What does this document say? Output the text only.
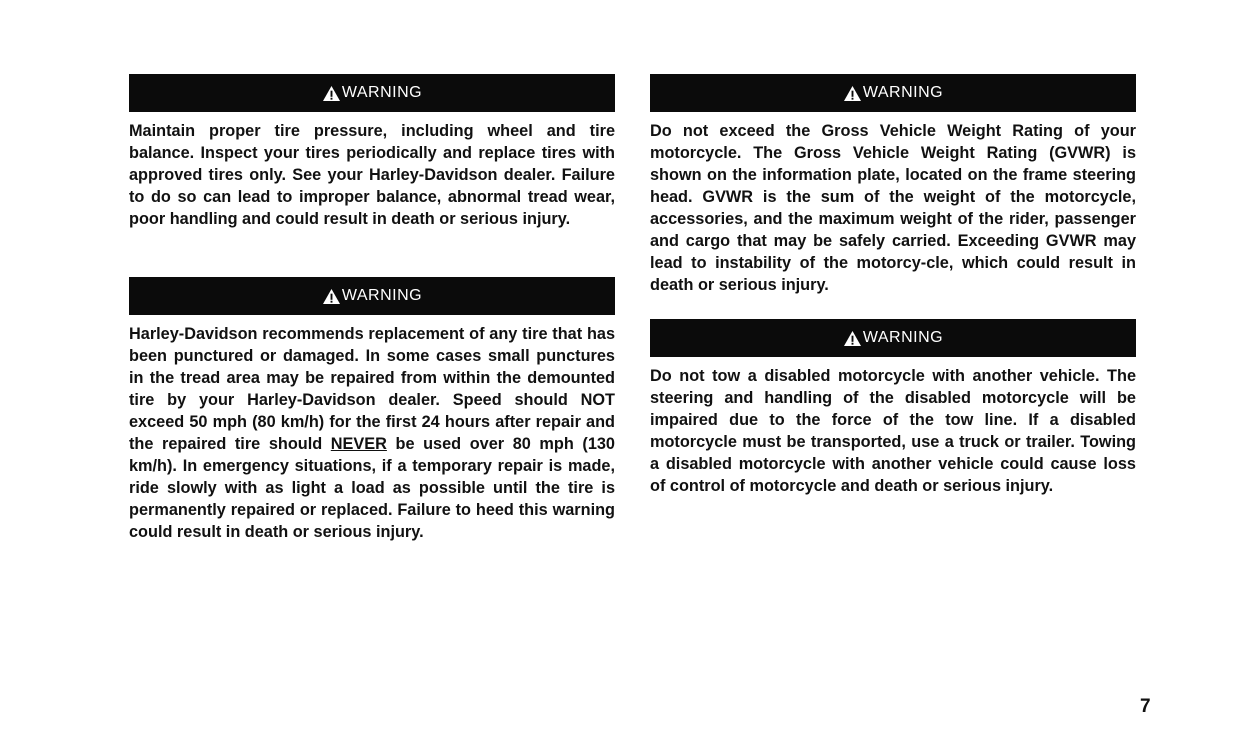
WARNING

Maintain proper tire pressure, including wheel and tire balance. Inspect your tires periodically and replace tires with approved tires only. See your Harley-Davidson dealer. Failure to do so can lead to improper balance, abnormal tread wear, poor handling and could result in death or serious injury.

WARNING

Harley-Davidson recommends replacement of any tire that has been punctured or damaged. In some cases small punctures in the tread area may be repaired from within the demounted tire by your Harley-Davidson dealer. Speed should NOT exceed 50 mph (80 km/h) for the first 24 hours after repair and the repaired tire should NEVER be used over 80 mph (130 km/h). In emergency situations, if a temporary repair is made, ride slowly with as light a load as possible until the tire is permanently repaired or replaced. Failure to heed this warning could result in death or serious injury.

WARNING

Do not exceed the Gross Vehicle Weight Rating of your motorcycle. The Gross Vehicle Weight Rating (GVWR) is shown on the information plate, located on the frame steering head. GVWR is the sum of the weight of the motorcycle, accessories, and the maximum weight of the rider, passenger and cargo that may be safely carried. Exceeding GVWR may lead to instability of the motorcy-cle, which could result in death or serious injury.

WARNING

Do not tow a disabled motorcycle with another vehicle. The steering and handling of the disabled motorcycle will be impaired due to the force of the tow line. If a disabled motorcycle must be transported, use a truck or trailer. Towing a disabled motorcycle with another vehicle could cause loss of control of motorcycle and death or serious injury.

7
